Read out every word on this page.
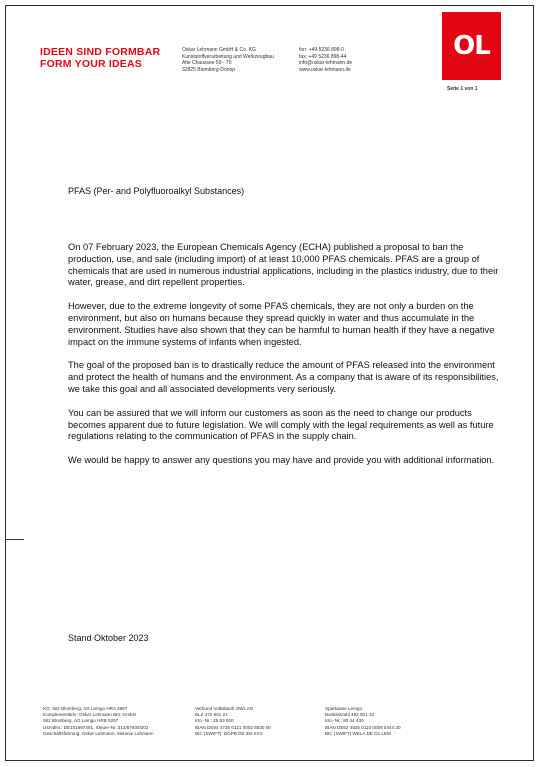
IDEEN SIND FORMBAR
FORM YOUR IDEAS
Oskar Lehmann GmbH & Co. KG
Kunststoffverarbeitung und Werkzeugbau
Alte Chaussee 59 - 70
32825 Blomberg-Donop
fon: +49 5236 898-0
fax: +49 5236 898-44
info@oskar-lehmann.de
www.oskar-lehmann.de
OL
Seite 1 von 1
PFAS (Per- and Polyfluoroalkyl Substances)

On 07 February 2023, the European Chemicals Agency (ECHA) published a proposal to ban the production, use, and sale (including import) of at least 10,000 PFAS chemicals. PFAS are a group of chemicals that are used in numerous industrial applications, including in the plastics industry, due to their water, grease, and dirt repellent properties.

However, due to the extreme longevity of some PFAS chemicals, they are not only a burden on the environment, but also on humans because they spread quickly in water and thus accumulate in the environment. Studies have also shown that they can be harmful to human health if they have a negative impact on the immune systems of infants when ingested.

The goal of the proposed ban is to drastically reduce the amount of PFAS released into the environment and protect the health of humans and the environment. As a company that is aware of its responsibilities, we take this goal and all associated developments very seriously.

You can be assured that we will inform our customers as soon as the need to change our products becomes apparent due to future legislation. We will comply with the legal requirements as well as future regulations relating to the communication of PFAS in the supply chain.

We would be happy to answer any questions you may have and provide you with additional information.

Stand Oktober 2023
KG, Sitz Blomberg, AG Lemgo HRA 3897
Komplementärin: Oskar Lehmann Bet.-GmbH
Sitz Blomberg, AG Lemgo HRB 5257
Ust-IdNr.: DE151697491, Steuer-Nr.:313/5793/0302
Geschäftsführung: Oskar Lehmann, Melanie Lehmann
Verbund Volksbank OWL eG
BLZ 472 601 21
Kto.-Nr.: 25 83 000
IBAN DE94 4726 0121 0002 5830 00
BIC (SWIFT): DGPB DE 3M XXX
Sparkasse Lemgo
Bankleitzahl 482 501 10
Kto.-Nr.: 80 44 430
IBAN DE62 4825 0110 0008 0444 30
BIC (SWIFT) WELA DE D1 LEM
